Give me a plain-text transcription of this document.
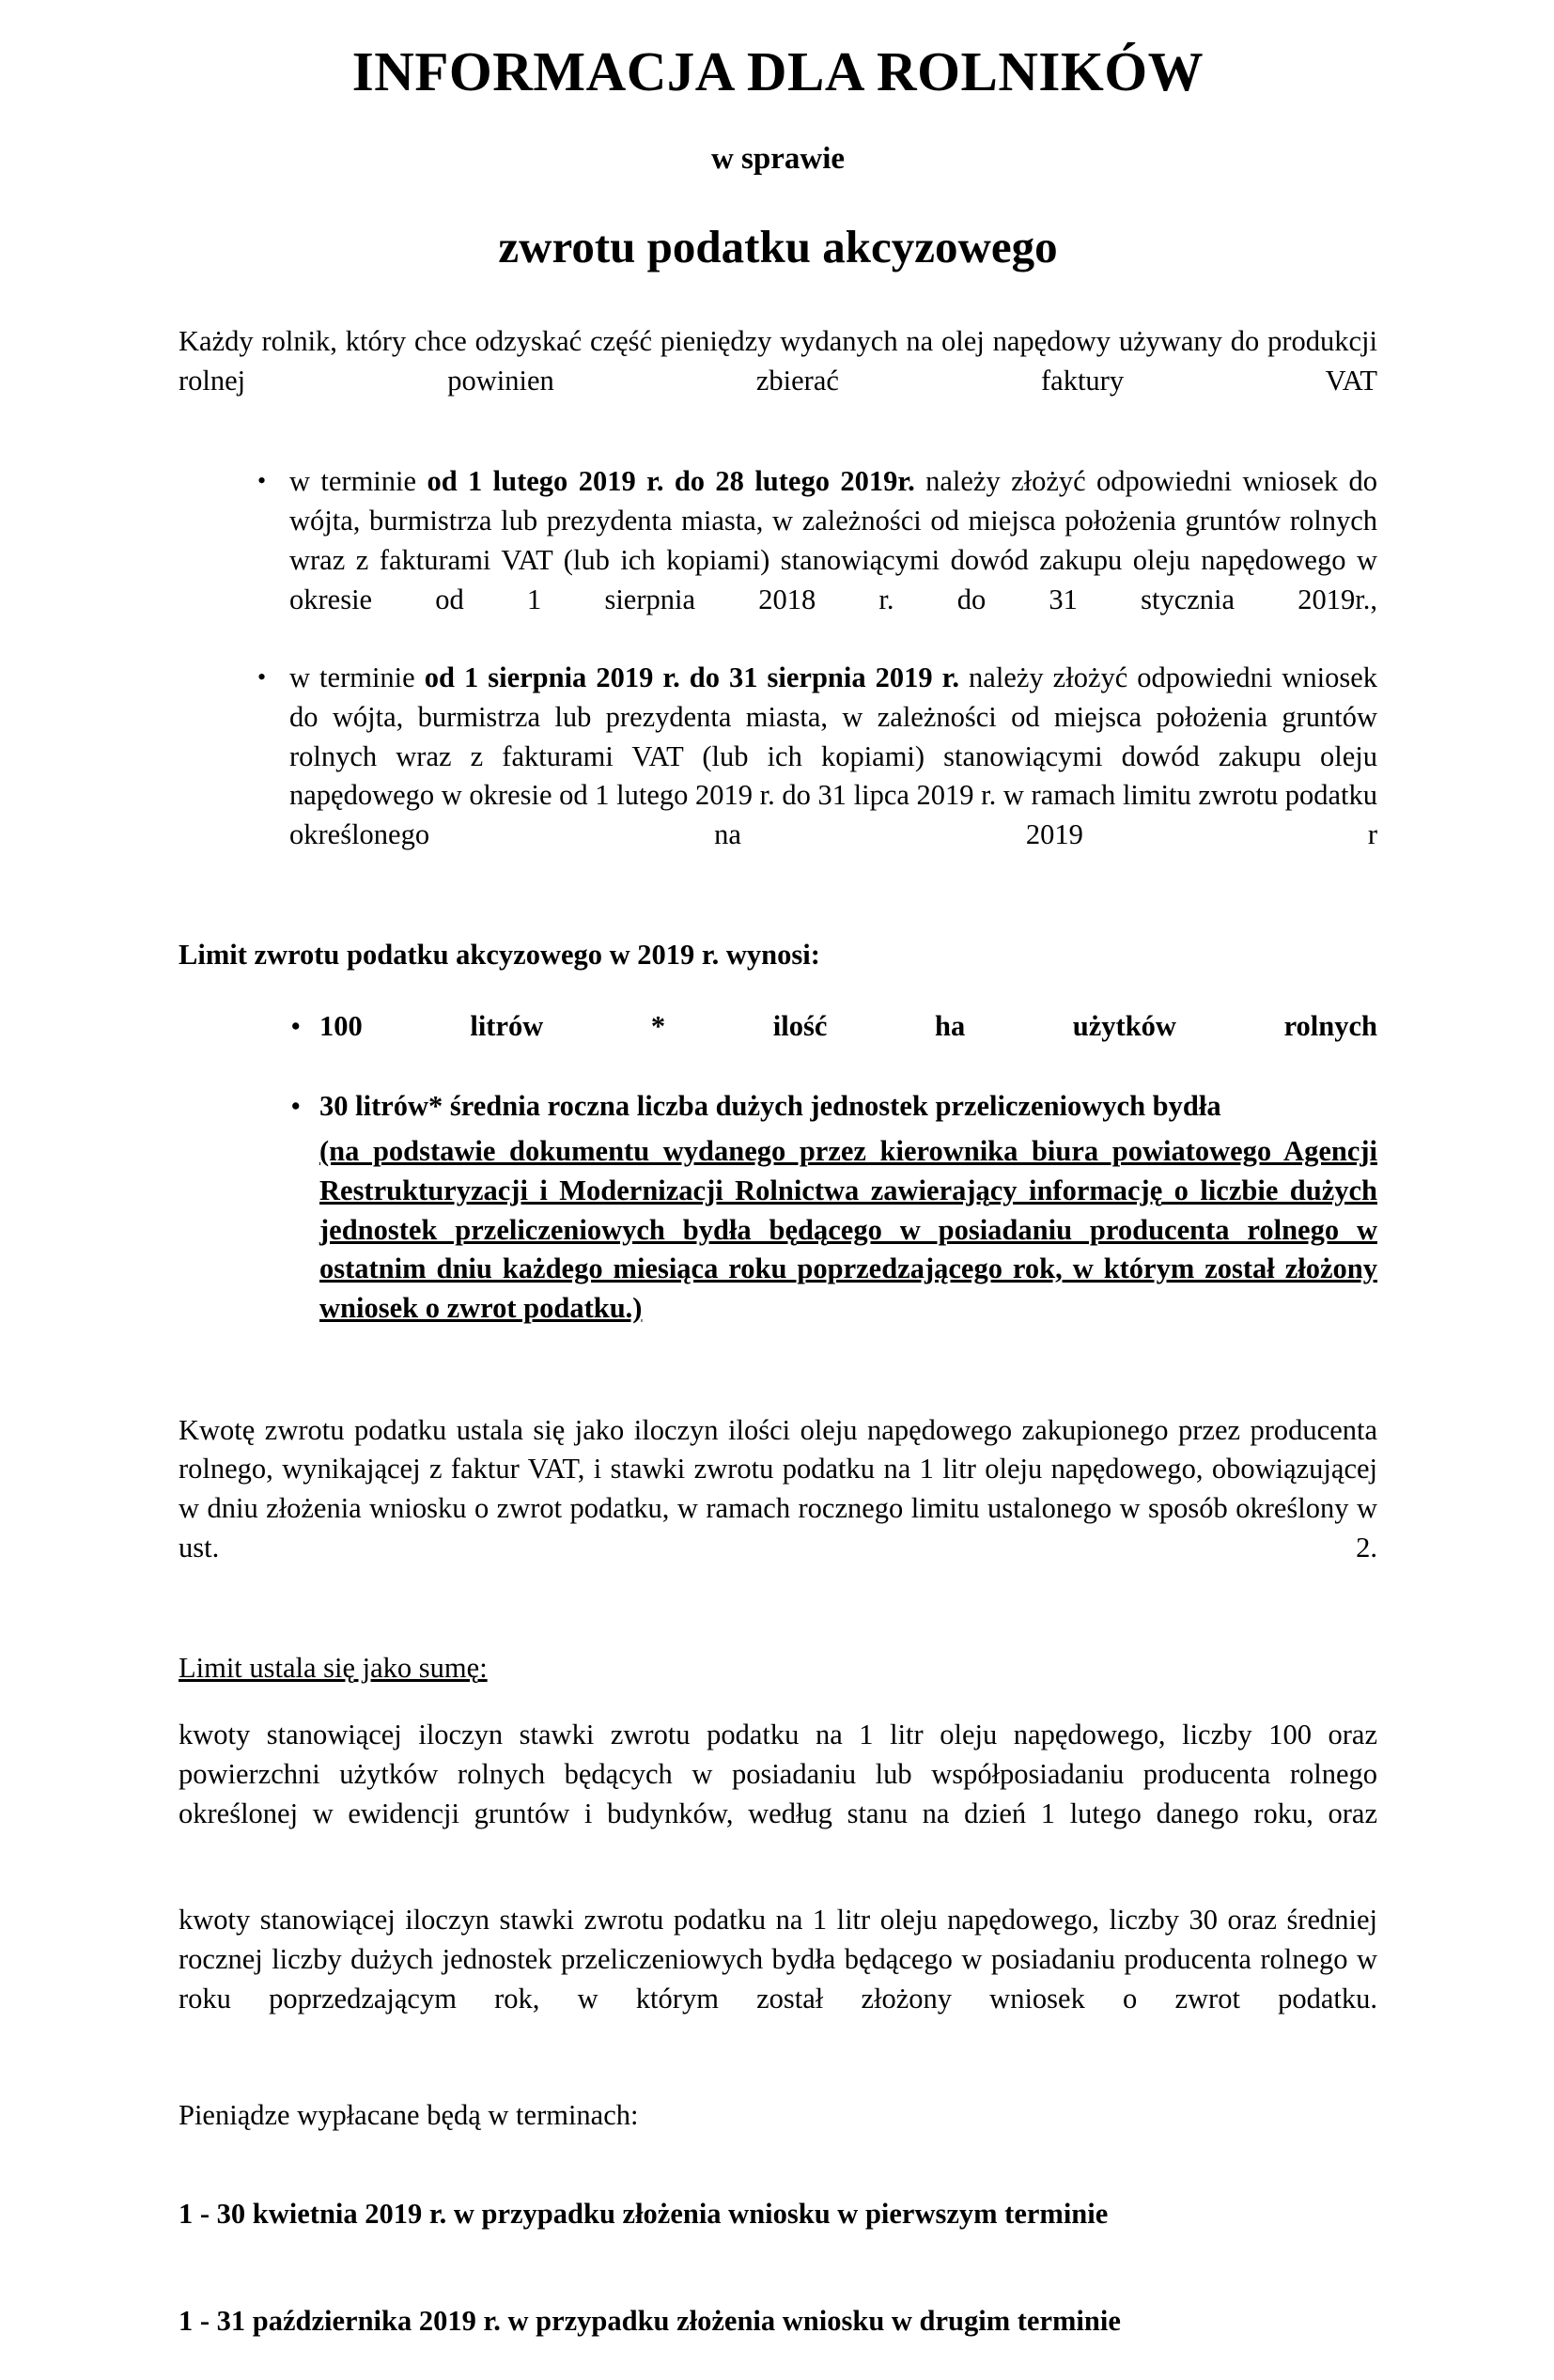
INFORMACJA DLA ROLNIKÓW
w sprawie
zwrotu podatku akcyzowego

Każdy rolnik, który chce odzyskać część pieniędzy wydanych na olej napędowy używany do produkcji rolnej powinien zbierać faktury VAT

• w terminie od 1 lutego 2019 r. do 28 lutego 2019r. należy złożyć odpowiedni wniosek do wójta, burmistrza lub prezydenta miasta, w zależności od miejsca położenia gruntów rolnych wraz z fakturami VAT (lub ich kopiami) stanowiącymi dowód zakupu oleju napędowego w okresie od 1 sierpnia 2018 r. do 31 stycznia 2019r.,
• w terminie od 1 sierpnia 2019 r. do 31 sierpnia 2019 r. należy złożyć odpowiedni wniosek do wójta, burmistrza lub prezydenta miasta, w zależności od miejsca położenia gruntów rolnych wraz z fakturami VAT (lub ich kopiami) stanowiącymi dowód zakupu oleju napędowego w okresie od 1 lutego 2019 r. do 31 lipca 2019 r. w ramach limitu zwrotu podatku określonego na 2019 r

Limit zwrotu podatku akcyzowego w 2019 r. wynosi:

• 100 litrów * ilość ha użytków rolnych
• 30 litrów* średnia roczna liczba dużych jednostek przeliczeniowych bydła
(na podstawie dokumentu wydanego przez kierownika biura powiatowego Agencji Restrukturyzacji i Modernizacji Rolnictwa zawierający informację o liczbie dużych jednostek przeliczeniowych bydła będącego w posiadaniu producenta rolnego w ostatnim dniu każdego miesiąca roku poprzedzającego rok, w którym został złożony wniosek o zwrot podatku.)

Kwotę zwrotu podatku ustala się jako iloczyn ilości oleju napędowego zakupionego przez producenta rolnego, wynikającej z faktur VAT, i stawki zwrotu podatku na 1 litr oleju napędowego, obowiązującej w dniu złożenia wniosku o zwrot podatku, w ramach rocznego limitu ustalonego w sposób określony w ust. 2.

Limit ustala się jako sumę:

kwoty stanowiącej iloczyn stawki zwrotu podatku na 1 litr oleju napędowego, liczby 100 oraz powierzchni użytków rolnych będących w posiadaniu lub współposiadaniu producenta rolnego określonej w ewidencji gruntów i budynków, według stanu na dzień 1 lutego danego roku, oraz

kwoty stanowiącej iloczyn stawki zwrotu podatku na 1 litr oleju napędowego, liczby 30 oraz średniej rocznej liczby dużych jednostek przeliczeniowych bydła będącego w posiadaniu producenta rolnego w roku poprzedzającym rok, w którym został złożony wniosek o zwrot podatku.

Pieniądze wypłacane będą w terminach:

1 - 30 kwietnia 2019 r. w przypadku złożenia wniosku w pierwszym terminie

1 - 31 października 2019 r. w przypadku złożenia wniosku w drugim terminie
